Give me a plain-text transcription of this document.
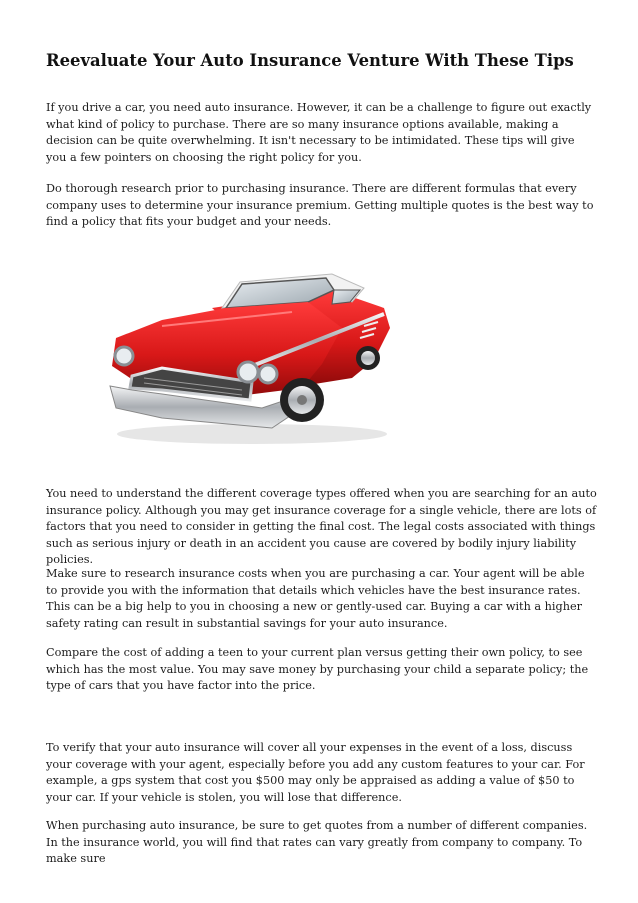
Reevaluate Your Auto Insurance Venture With These Tips

If you drive a car, you need auto insurance. However, it can be a challenge to figure out exactly what kind of policy to purchase. There are so many insurance options available, making a decision can be quite overwhelming. It isn't necessary to be intimidated. These tips will give you a few pointers on choosing the right policy for you.

Do thorough research prior to purchasing insurance. There are different formulas that every company uses to determine your insurance premium. Getting multiple quotes is the best way to find a policy that fits your budget and your needs.

You need to understand the different coverage types offered when you are searching for an auto insurance policy. Although you may get insurance coverage for a single vehicle, there are lots of factors that you need to consider in getting the final cost. The legal costs associated with things such as serious injury or death in an accident you cause are covered by bodily injury liability policies.

Make sure to research insurance costs when you are purchasing a car. Your agent will be able to provide you with the information that details which vehicles have the best insurance rates. This can be a big help to you in choosing a new or gently-used car. Buying a car with a higher safety rating can result in substantial savings for your auto insurance.

Compare the cost of adding a teen to your current plan versus getting their own policy, to see which has the most value. You may save money by purchasing your child a separate policy; the type of cars that you have factor into the price.

To verify that your auto insurance will cover all your expenses in the event of a loss, discuss your coverage with your agent, especially before you add any custom features to your car. For example, a gps system that cost you $500 may only be appraised as adding a value of $50 to your car. If your vehicle is stolen, you will lose that difference.

When purchasing auto insurance, be sure to get quotes from a number of different companies. In the insurance world, you will find that rates can vary greatly from company to company. To make sure
